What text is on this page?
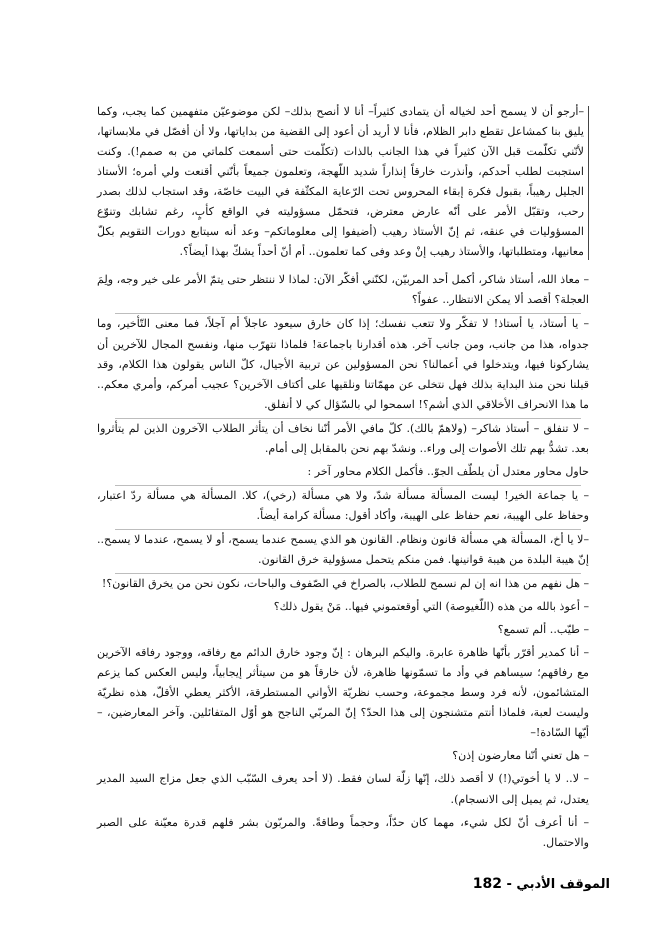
–أرجو أن لا يسمح أحد لخياله أن يتمادى كثيراً– أنا لا أنصح بذلك– لكن موضوعيّن متفهمين كما يجب، وكما يليق بنا كمشاعل تقطع دابر الظلام، فأنا لا أريد أن أعود إلى القضية من بداياتها، ولا أن أفصّل في ملابساتها، لأنّني تكلّمت قبل الآن كثيراً في هذا الجانب بالذات (تكلّمت حتى أسمعت كلماتي من به صمم!). وكنت استجبت لطلب أحدكم، وأنذرت خارقاً إنذاراً شديد اللّهجة، وتعلمون جميعاً بأنّني أقنعت ولي أمره؛ الأستاذ الجليل رهيباً، بقبول فكرة إبقاء المحروس تحت الرّعاية المكثّفة في البيت خاصّة، وقد استجاب لذلك بصدر رحب، وتقبّل الأمر على أنّه عارض معترض، فتحمّل مسؤوليته في الواقع كأبٍ، رغم تشابك وتنوّع المسؤوليات في عنقه، ثم إنّ الأستاذ رهيب (أضيفوا إلى معلوماتكم– وعد أنه سيتابع دورات التقويم بكلّ معانيها، ومتطلباتها، والأستاذ رهيب إنْ وعد وفى كما تعلمون.. أم أنّ أحداً يشكّ بهذا أيضاً؟.

– معاذ الله، أستاذ شاكر، أكمل أحد المربيّن، لكنّني أفكّر الآن: لماذا لا ننتظر حتى يتمّ الأمر على خير وجه، ولِمَ العجلة؟ أقصد ألا يمكن الانتظار.. عفواً؟

– يا أستاذ، يا أستاذ! لا تفكّر ولا تتعب نفسك؛ إذا كان خارق سيعود عاجلاً أم آجلاً، فما معنى التّأخير، وما جدواه، هذا من جانب، ومن جانب آخر. هذه أقدارنا باجماعة! فلماذا نتهرّب منها، ونفسح المجال للآخرين أن يشاركونا فيها، ويتدخلوا في أعمالنا؟ نحن المسؤولين عن تربية الأجيال، كلّ الناس يقولون هذا الكلام، وقد قبلنا نحن منذ البداية بذلك فهل نتخلى عن مهمّاتنا ونلقيها على أكتاف الآخرين؟ عجيب أمركم، وأمري معكم.. ما هذا الانحراف الأخلاقي الذي أشم؟! اسمحوا لي بالسّؤال كي لا أنفلق.

– لا تنفلق – أستاذ شاكر– (ولاهمّ بالك). كلّ مافي الأمر أنّنا نخاف أن يتأثر الطلاب الآخرون الذين لم يتأثروا بعد. تشدُّ بهم تلك الأصوات إلى وراء.. ونشدّ بهم نحن بالمقابل إلى أمام.

حاول محاور معتدل أن يلطّف الجوّ.. فأكمل الكلام محاور آخر :

– يا جماعة الخير! ليست المسألة مسألة شدّ، ولا هي مسألة (رخي)، كلا. المسألة هي مسألة ردّ اعتبار، وحفاظ على الهيبة، نعم حفاظ على الهيبة، وأكاد أقول: مسألة كرامة أيضاً.

–لا يا أخ، المسألة هي مسألة قانون ونظام. القانون هو الذي يسمح عندما يسمح، أو لا يسمح، عندما لا يسمح.. إنّ هيبة البلدة من هيبة قوانينها. فمن منكم يتحمل مسؤولية خرق القانون.

– هل نفهم من هذا انه إن لم نسمح للطلاب، بالصراخ في الصّفوف والباحات، نكون نحن من يخرق القانون؟!

– أعوذ بالله من هذه (اللّغيوصة) التي أوقعتموني فيها.. مَنْ يقول ذلك؟

– طيّب.. ألم تسمع؟

– أنا كمدير أقرّر بأنّها ظاهرة عابرة. واليكم البرهان : إنّ وجود خارق الدائم مع رفاقه، ووجود رفاقه الآخرين مع رفاقهم؛ سيساهم في وأد ما تسمّونها ظاهرة، لأن خارقاً هو من سيتأثر إيجابياً، وليس العكس كما يزعم المتشائمون، لأنه فرد وسط مجموعة، وحسب نظريّة الأواني المستطرقة، الأكثر يعطي الأقلّ، هذه نظريّة وليست لعبة، فلماذا أنتم متشنجون إلى هذا الحدّ؟ إنّ المربّي الناجح هو أوّل المتفائلين. وآخر المعارضين، – أيّها السّادة!–

– هل تعني أنّنا معارضون إذن؟

– لا.. لا يا أخوتي(!) لا أقصد ذلك، إنّها زلّة لسان فقط. (لا أحد يعرف السّبّب الذي جعل مزاج السيد المدير يعتدل، ثم يميل إلى الانسجام).

– أنا أعرف أنّ لكل شيء، مهما كان حدّاً، وحجماً وطاقةً. والمربّون بشر فلهم قدرة معيّنة على الصبر والاحتمال.

الموقف الأدبي - 182
